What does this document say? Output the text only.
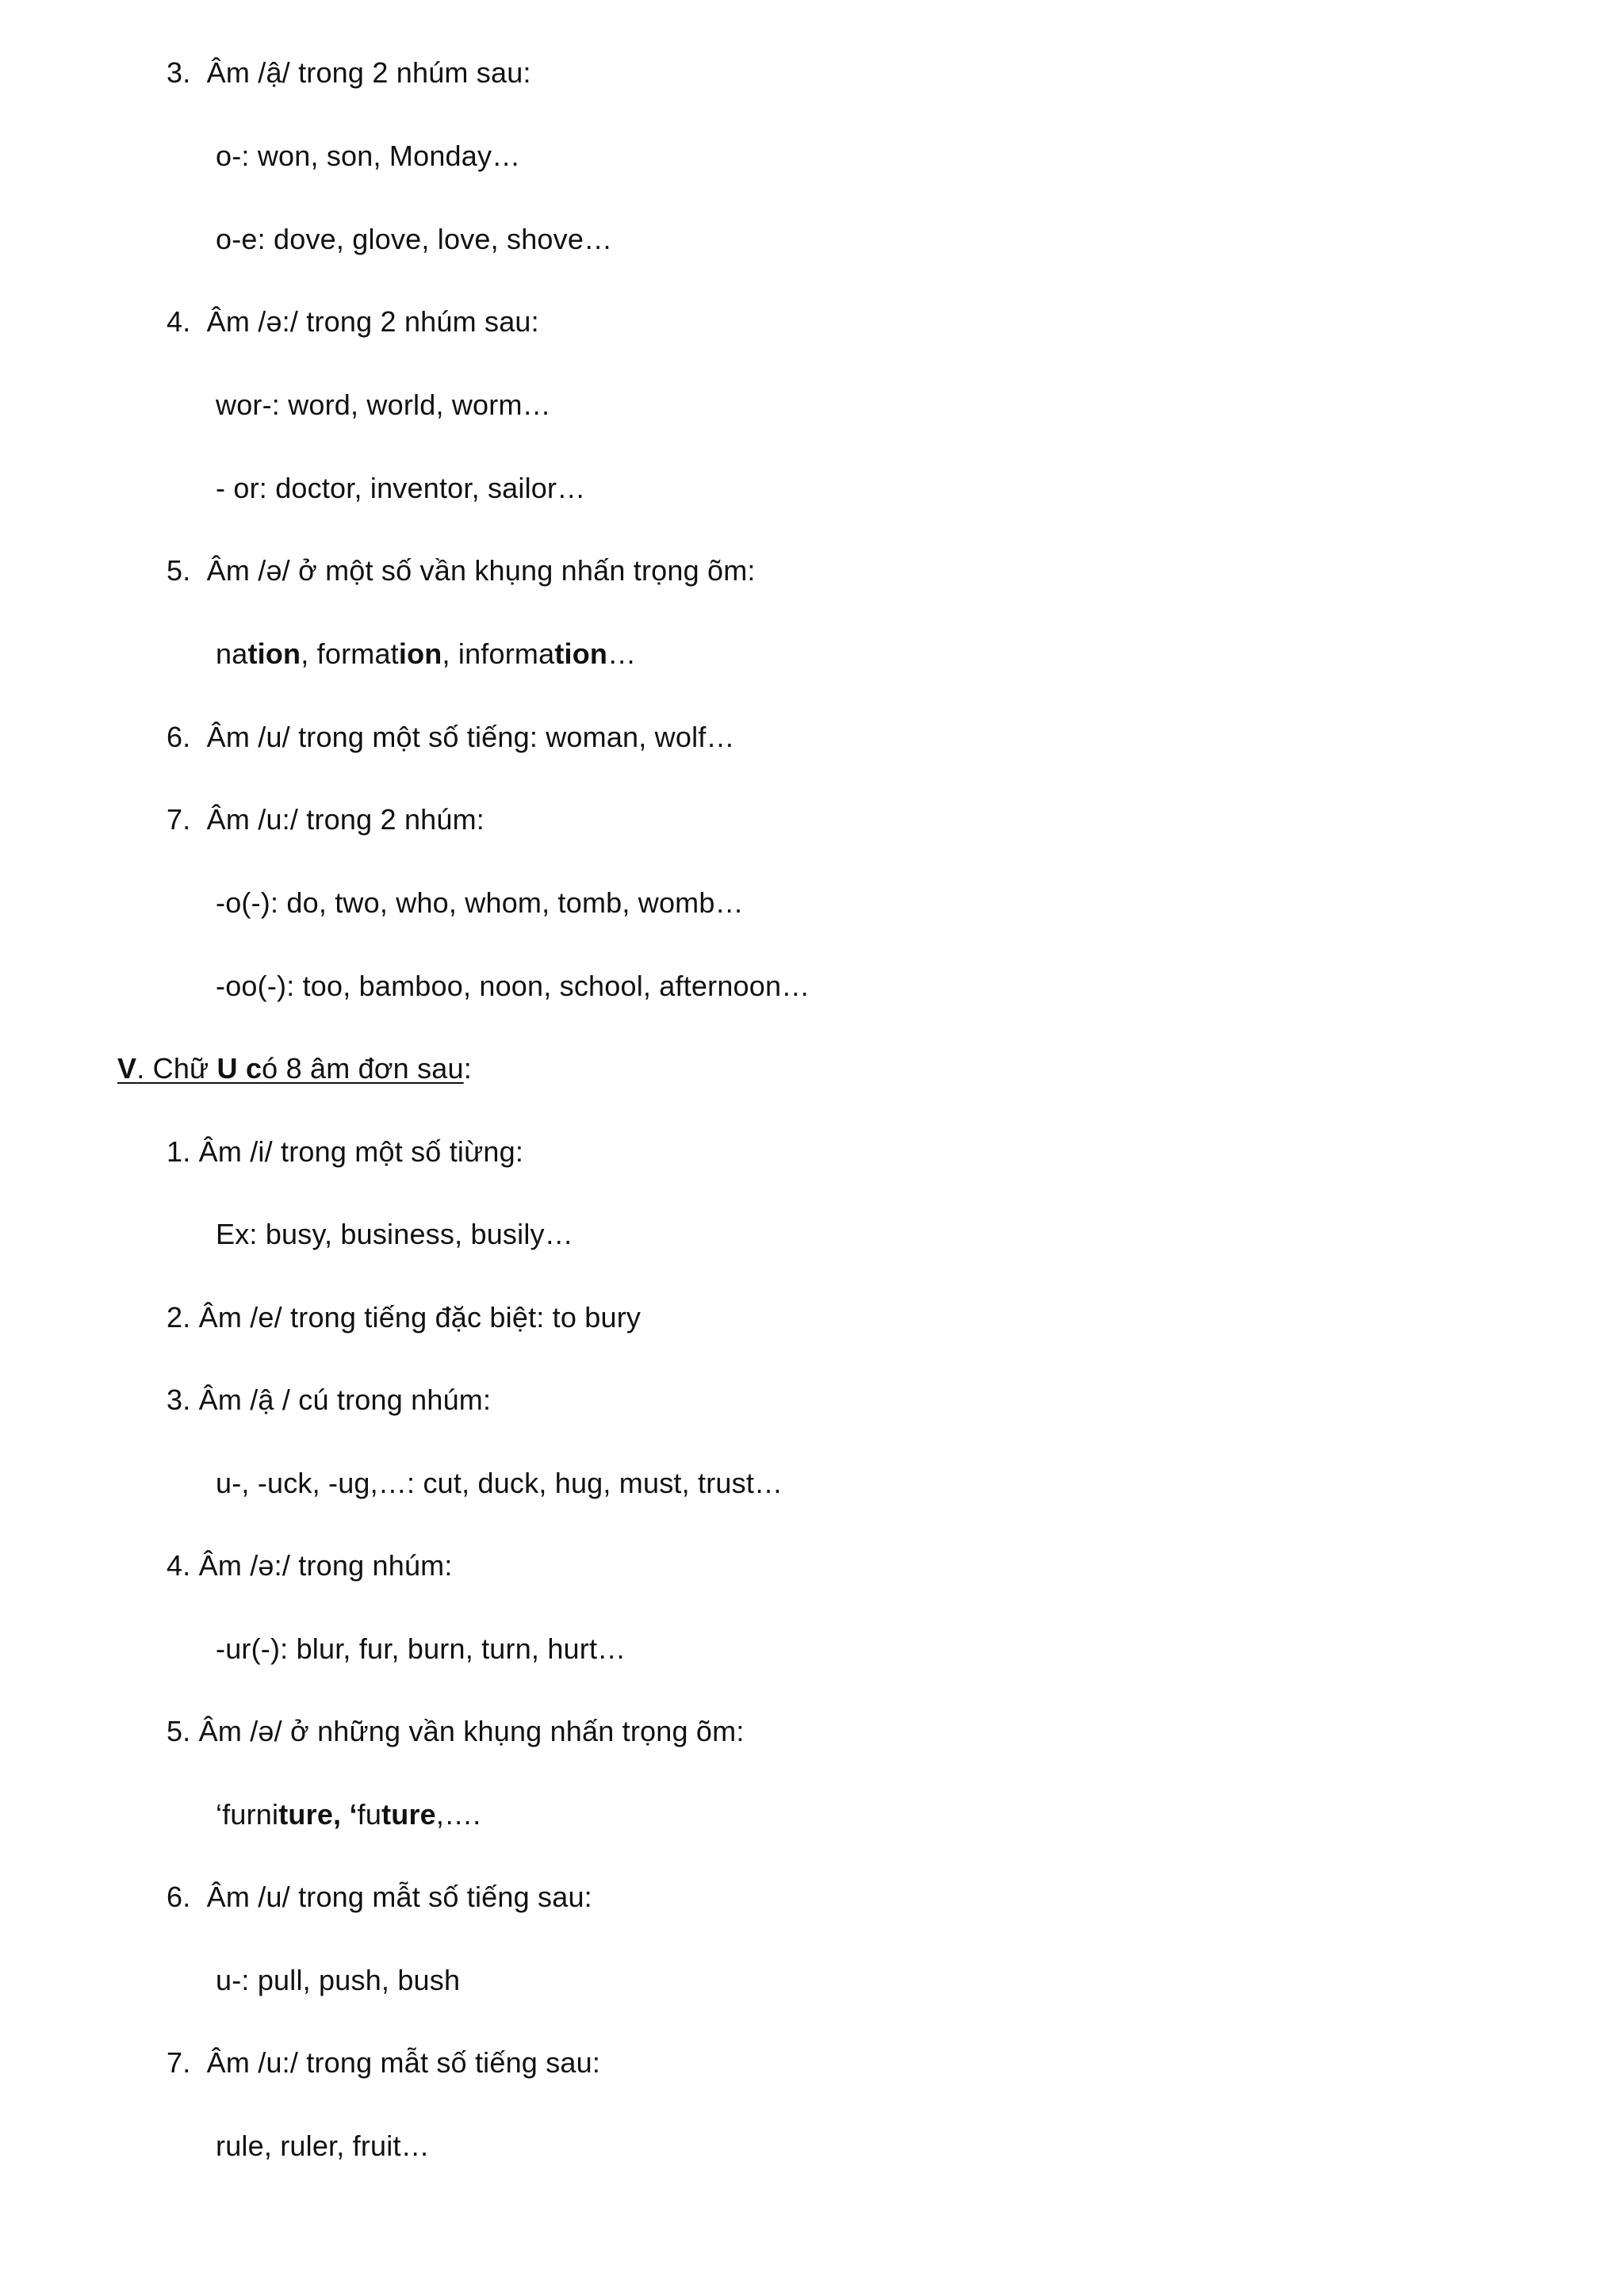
3. Âm /ậ/ trong 2 nhúm sau:
o-: won, son, Monday…
o-e: dove, glove, love, shove…
4. Âm /ə:/ trong 2 nhúm sau:
wor-: word, world, worm…
- or: doctor, inventor, sailor…
5. Âm /ə/ ở một số vần khụng nhấn trọng õm:
nation, formation, information…
6. Âm /u/ trong một số tiếng: woman, wolf…
7. Âm /u:/ trong 2 nhúm:
-o(-): do, two, who, whom, tomb, womb…
-oo(-): too, bamboo, noon, school, afternoon…
V. Chữ U có 8 âm đơn sau:
1. Âm /i/ trong một số tiừng:
Ex: busy, business, busily…
2. Âm /e/ trong tiếng đặc biệt: to bury
3. Âm /ậ / cú trong nhúm:
u-, -uck, -ug,…: cut, duck, hug, must, trust…
4. Âm /ə:/ trong nhúm:
-ur(-): blur, fur, burn, turn, hurt…
5. Âm /ə/ ở những vần khụng nhấn trọng õm:
‘furniture, ‘future,….
6. Âm /u/ trong mẫt số tiếng sau:
u-: pull, push, bush
7. Âm /u:/ trong mẫt số tiếng sau:
rule, ruler, fruit…
